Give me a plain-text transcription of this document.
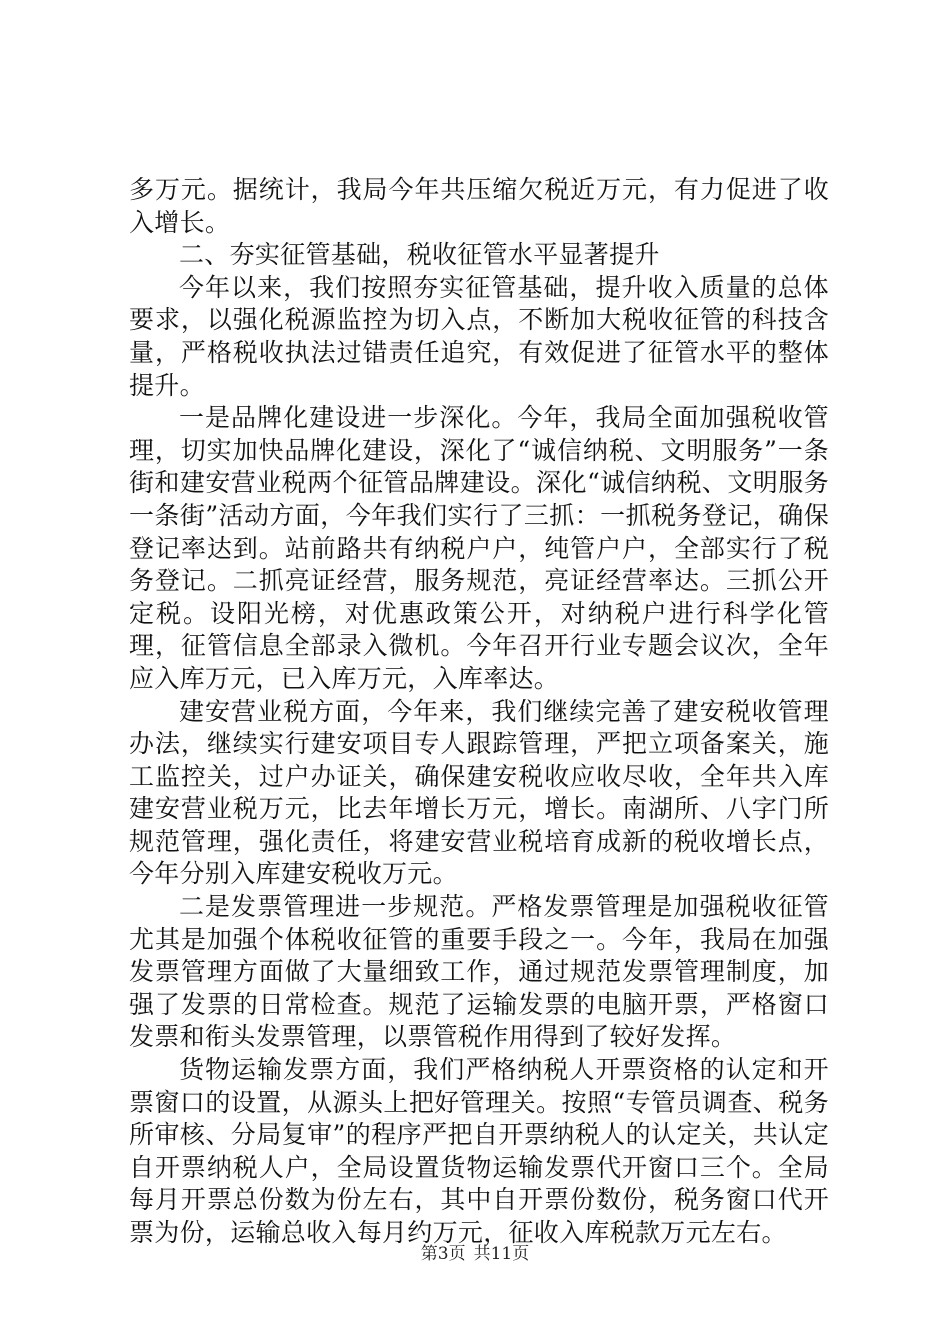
多万元。据统计，我局今年共压缩欠税近万元，有力促进了收入增长。

二、夯实征管基础，税收征管水平显著提升

今年以来，我们按照夯实征管基础，提升收入质量的总体要求，以强化税源监控为切入点，不断加大税收征管的科技含量，严格税收执法过错责任追究，有效促进了征管水平的整体提升。

一是品牌化建设进一步深化。今年，我局全面加强税收管理，切实加快品牌化建设，深化了“诚信纳税、文明服务”一条街和建安营业税两个征管品牌建设。深化“诚信纳税、文明服务一条街”活动方面，今年我们实行了三抓：一抓税务登记，确保登记率达到。站前路共有纳税户户，纯管户户，全部实行了税务登记。二抓亮证经营，服务规范，亮证经营率达。三抓公开定税。设阳光榜，对优惠政策公开，对纳税户进行科学化管理，征管信息全部录入微机。今年召开行业专题会议次，全年应入库万元，已入库万元，入库率达。

建安营业税方面，今年来，我们继续完善了建安税收管理办法，继续实行建安项目专人跟踪管理，严把立项备案关，施工监控关，过户办证关，确保建安税收应收尽收，全年共入库建安营业税万元，比去年增长万元，增长。南湖所、八字门所规范管理，强化责任，将建安营业税培育成新的税收增长点，今年分别入库建安税收万元。

二是发票管理进一步规范。严格发票管理是加强税收征管尤其是加强个体税收征管的重要手段之一。今年，我局在加强发票管理方面做了大量细致工作，通过规范发票管理制度，加强了发票的日常检查。规范了运输发票的电脑开票，严格窗口发票和衔头发票管理，以票管税作用得到了较好发挥。

货物运输发票方面，我们严格纳税人开票资格的认定和开票窗口的设置，从源头上把好管理关。按照“专管员调查、税务所审核、分局复审”的程序严把自开票纳税人的认定关，共认定自开票纳税人户，全局设置货物运输发票代开窗口三个。全局每月开票总份数为份左右，其中自开票份数份，税务窗口代开票为份，运输总收入每月约万元，征收入库税款万元左右。

第3页 共11页
